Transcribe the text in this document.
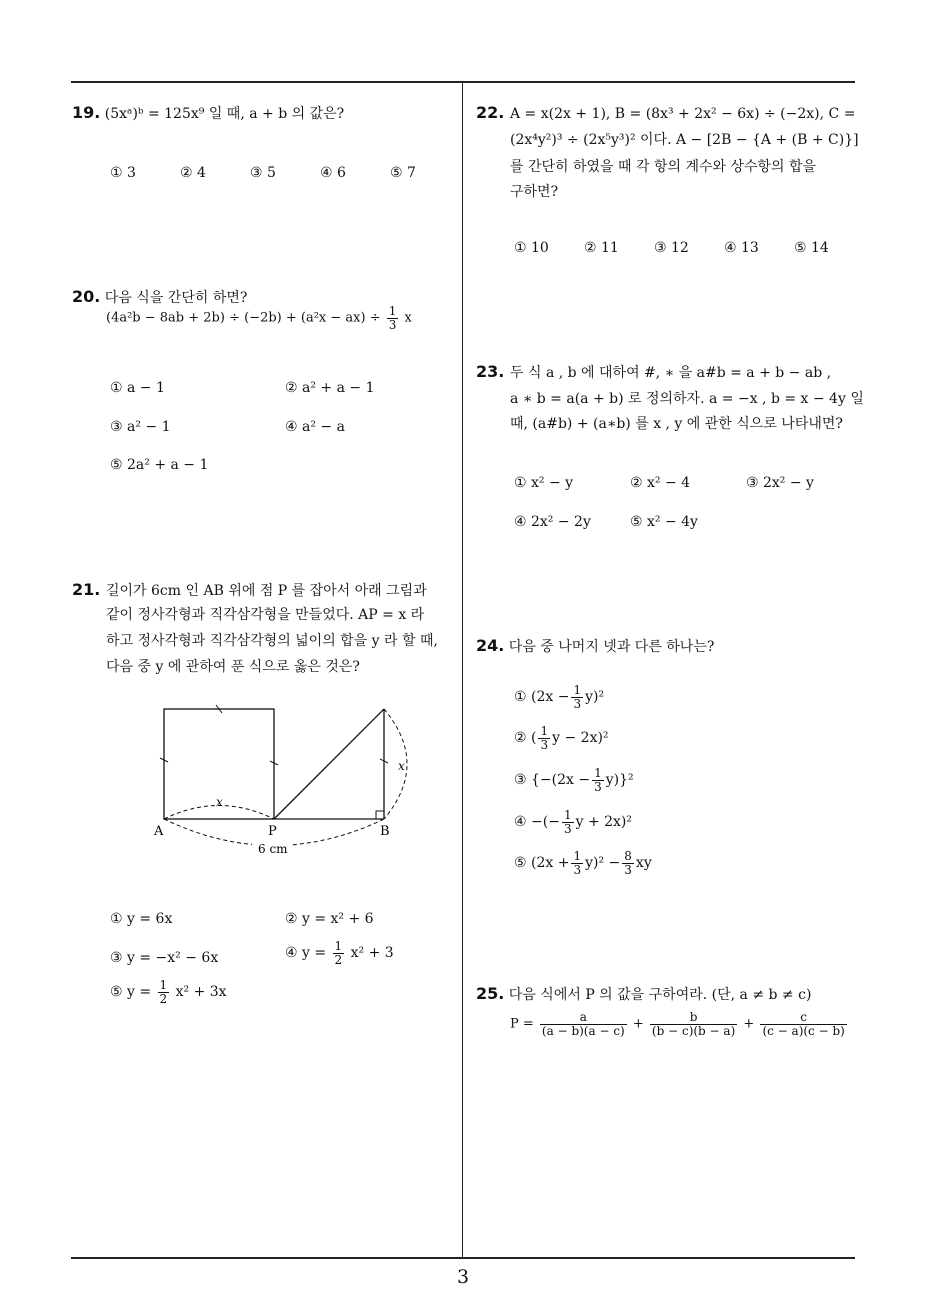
19. (5xᵃ)ᵇ = 125x⁹ 일 때, a + b 의 값은?
① 3	② 4	③ 5	④ 6	⑤ 7
20. 다음 식을 간단히 하면?
$(4a^2b - 8ab + 2b) \div (-2b) + (a^2x - ax) \div \frac{1}{3}$ x
① a − 1	② a² + a − 1
③ a² − 1	④ a² − a
⑤ 2a² + a − 1
21. 길이가 6cm 인 AB 위에 점 P 를 잡아서 아래 그림과
같이 정사각형과 직각삼각형을 만들었다. AP = x 라
하고 정사각형과 직각삼각형의 넓이의 합을 y 라 할 때,
다음 중 y 에 관하여 푼 식으로 옳은 것은?
x
x
A	P	B
6 cm
① y = 6x	② y = x² + 6
③ y = −x² − 6x	④ $y = \frac{1}{2} x^2 + 3$
⑤ $y = \frac{1}{2} x^2 + 3x$
22. A = x(2x + 1), B = (8x³ + 2x² − 6x) ÷ (−2x), C =
(2x⁴y²)³ ÷ (2x⁵y³)² 이다. A − [2B − {A + (B + C)}]
를 간단히 하였을 때 각 항의 계수와 상수항의 합을
구하면?
① 10	② 11	③ 12	④ 13	⑤ 14
23. 두 식 a , b 에 대하여 #, ∗ 을 a#b = a + b − ab ,
a ∗ b = a(a + b) 로 정의하자. a = −x , b = x − 4y 일
때, (a#b) + (a∗b) 를 x , y 에 관한 식으로 나타내면?
① x² − y	② x² − 4	③ 2x² − y
④ 2x² − 2y	⑤ x² − 4y
24. 다음 중 나머지 넷과 다른 하나는?
① $(2x - \frac{1}{3} y)^2$
② ( $\frac{1}{3}$ y − 2x)²
③ $\{-(2x - \frac{1}{3} y)\}^2$
④ −(− $\frac{1}{3}$ y + 2x)²
⑤ $(2x + \frac{1}{3} y)^2 - \frac{8}{3}$ xy
25. 다음 식에서 P 의 값을 구하여라. (단, a ≠ b ≠ c)
$P = \frac{a}{(a - b)(a - c)} + \frac{b}{(b - c)(b - a)} + \frac{c}{(c - a)(c - b)}$
3
